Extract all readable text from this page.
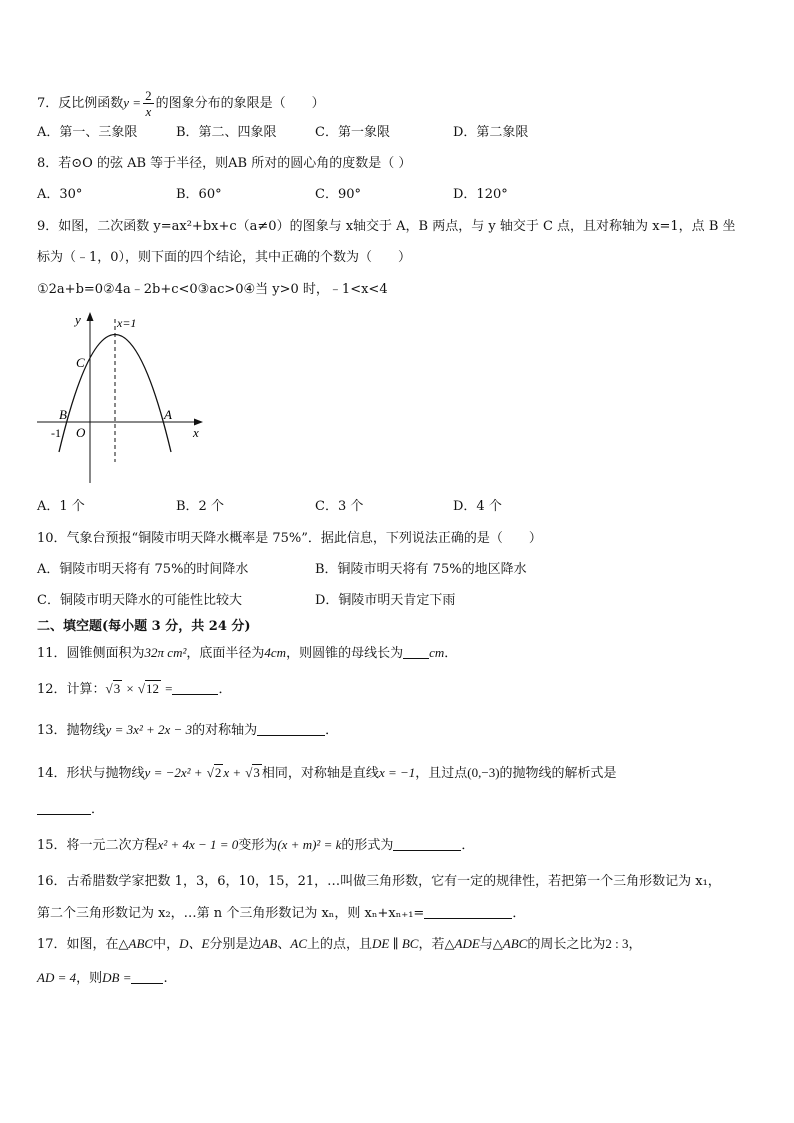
7．反比例函数$y = \frac{2}{x}$ 的图象分布的象限是（　　）
A．第一、三象限	B．第二、四象限	C．第一象限	D．第二象限
8．若⊙O 的弦 AB 等于半径，则AB 所对的圆心角的度数是（ ）
A．30°	B．60°	C．90°	D．120°
9．如图，二次函数 y=ax²+bx+c（a≠0）的图象与 x轴交于 A，B 两点，与 y 轴交于 C 点，且对称轴为 x=1，点 B 坐
标为（﹣1，0），则下面的四个结论，其中正确的个数为（　　）
①2a+b=0②4a﹣2b+c<0③ac>0④当 y>0 时，﹣1<x<4
y	x=1
C
B	A
O
-1	x
A．1 个	B．2 个	C．3 个	D．4 个
10．气象台预报“铜陵市明天降水概率是 75%”．据此信息，下列说法正确的是（　　）
A．铜陵市明天将有 75%的时间降水	B．铜陵市明天将有 75%的地区降水
C．铜陵市明天降水的可能性比较大	D．铜陵市明天肯定下雨
二、填空题(每小题 3 分，共 24 分)
11．圆锥侧面积为32π cm²，底面半径为4cm，则圆锥的母线长为 cm．
12．计算：√3 × √12 =	．
13．抛物线y = 3x² + 2x − 3的对称轴为	．
14．形状与抛物线y = −2x² + √2 x + √3 相同，对称轴是直线x = −1，且过点(0,−3)的抛物线的解析式是
．
15．将一元二次方程x² + 4x − 1 = 0变形为(x + m)² = k的形式为	．
16．古希腊数学家把数 1，3，6，10，15，21，…叫做三角形数，它有一定的规律性，若把第一个三角形数记为 x₁，
第二个三角形数记为 x₂，…第 n 个三角形数记为 xₙ，则 xₙ+xₙ₊₁=	．
17．如图，在△ABC中，D、E分别是边AB、AC上的点，且DE ∥ BC，若△ADE与△ABC的周长之比为2 : 3，
AD = 4，则DB = .
